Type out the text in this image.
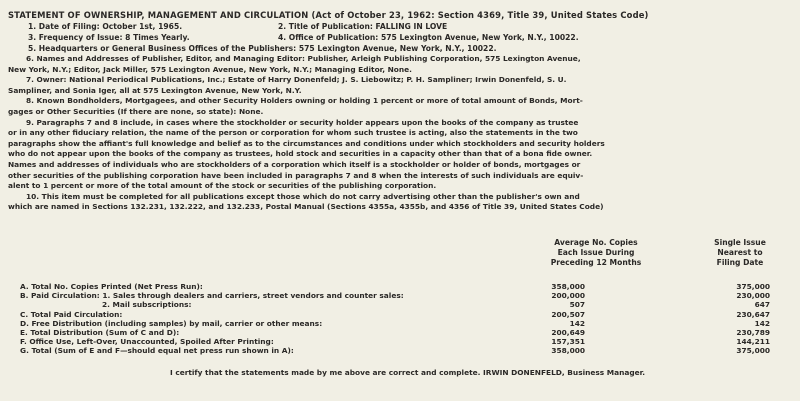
STATEMENT OF OWNERSHIP, MANAGEMENT AND CIRCULATION (Act of October 23, 1962: Section 4369, Title 39, United States Code)
1. Date of Filing: October 1st, 1965.	2. Title of Publication: FALLING IN LOVE
3. Frequency of Issue: 8 Times Yearly.	4. Office of Publication: 575 Lexington Avenue, New York, N.Y., 10022.
5. Headquarters or General Business Offices of the Publishers: 575 Lexington Avenue, New York, N.Y., 10022.
6. Names and Addresses of Publisher, Editor, and Managing Editor: Publisher, Arleigh Publishing Corporation, 575 Lexington Avenue,
New York, N.Y.; Editor, Jack Miller, 575 Lexington Avenue, New York, N.Y.; Managing Editor, None.
7. Owner: National Periodical Publications, Inc.; Estate of Harry Donenfeld; J. S. Liebowitz; P. H. Sampliner; Irwin Donenfeld, S. U.
Sampliner, and Sonia Iger, all at 575 Lexington Avenue, New York, N.Y.
8. Known Bondholders, Mortgagees, and other Security Holders owning or holding 1 percent or more of total amount of Bonds, Mort-
gages or Other Securities (If there are none, so state): None.
9. Paragraphs 7 and 8 include, in cases where the stockholder or security holder appears upon the books of the company as trustee
or in any other fiduciary relation, the name of the person or corporation for whom such trustee is acting, also the statements in the two
paragraphs show the affiant's full knowledge and belief as to the circumstances and conditions under which stockholders and security holders
who do not appear upon the books of the company as trustees, hold stock and securities in a capacity other than that of a bona fide owner.
Names and addresses of individuals who are stockholders of a corporation which itself is a stockholder or holder of bonds, mortgages or
other securities of the publishing corporation have been included in paragraphs 7 and 8 when the interests of such individuals are equiv-
alent to 1 percent or more of the total amount of the stock or securities of the publishing corporation.
10. This item must be completed for all publications except those which do not carry advertising other than the publisher's own and
which are named in Sections 132.231, 132.222, and 132.233, Postal Manual (Sections 4355a, 4355b, and 4356 of Title 39, United States Code)
Average No. Copies
Each Issue During
Preceding 12 Months
Single Issue
Nearest to
Filing Date
A. Total No. Copies Printed (Net Press Run):	358,000	375,000
B. Paid Circulation: 1. Sales through dealers and carriers, street vendors and counter sales:	200,000	230,000
2. Mail subscriptions:	507	647
C. Total Paid Circulation:	200,507	230,647
D. Free Distribution (including samples) by mail, carrier or other means:	142	142
E. Total Distribution (Sum of C and D):	200,649	230,789
F. Office Use, Left-Over, Unaccounted, Spoiled After Printing:	157,351	144,211
G. Total (Sum of E and F—should equal net press run shown in A):	358,000	375,000
I certify that the statements made by me above are correct and complete. IRWIN DONENFELD, Business Manager.
